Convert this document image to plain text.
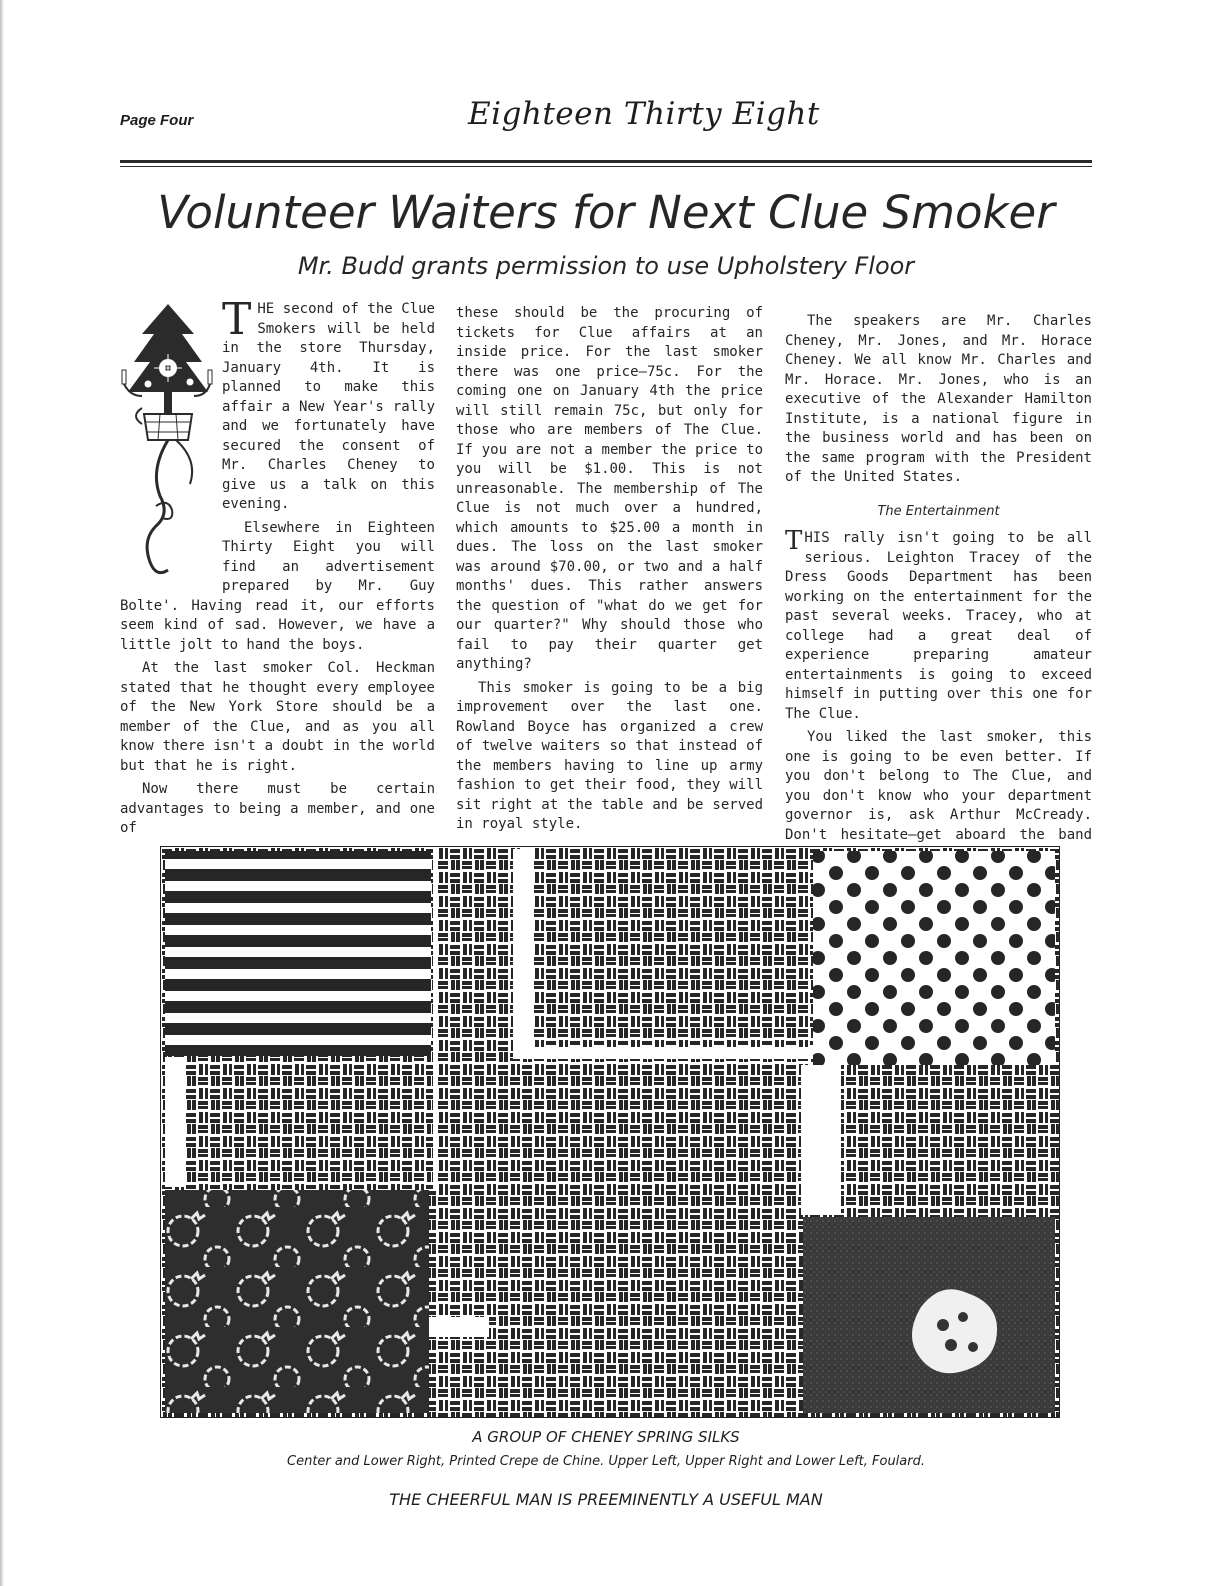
Page Four	Eighteen Thirty Eight
Volunteer Waiters for Next Clue Smoker
Mr. Budd grants permission to use Upholstery Floor

THE second of the Clue Smokers will be held in the store Thursday, January 4th. It is planned to make this affair a New Year's rally and we fortunately have secured the consent of Mr. Charles Cheney to give us a talk on this evening.

Elsewhere in Eighteen Thirty Eight you will find an advertisement prepared by Mr. Guy Bolte'. Having read it, our efforts seem kind of sad. However, we have a little jolt to hand the boys.

At the last smoker Col. Heckman stated that he thought every employee of the New York Store should be a member of the Clue, and as you all know there isn't a doubt in the world but that he is right.

Now there must be certain advantages to being a member, and one of

these should be the procuring of tickets for Clue affairs at an inside price. For the last smoker there was one price—75c. For the coming one on January 4th the price will still remain 75c, but only for those who are members of The Clue. If you are not a member the price to you will be $1.00. This is not unreasonable. The membership of The Clue is not much over a hundred, which amounts to $25.00 a month in dues. The loss on the last smoker was around $70.00, or two and a half months' dues. This rather answers the question of "what do we get for our quarter?" Why should those who fail to pay their quarter get anything?

This smoker is going to be a big improvement over the last one. Rowland Boyce has organized a crew of twelve waiters so that instead of the members having to line up army fashion to get their food, they will sit right at the table and be served in royal style.

The speakers are Mr. Charles Cheney, Mr. Jones, and Mr. Horace Cheney. We all know Mr. Charles and Mr. Horace. Mr. Jones, who is an executive of the Alexander Hamilton Institute, is a national figure in the business world and has been on the same program with the President of the United States.

The Entertainment

THIS rally isn't going to be all serious. Leighton Tracey of the Dress Goods Department has been working on the entertainment for the past several weeks. Tracey, who at college had a great deal of experience preparing amateur entertainments is going to exceed himself in putting over this one for The Clue.

You liked the last smoker, this one is going to be even better. If you don't belong to The Clue, and you don't know who your department governor is, ask Arthur McCready. Don't hesitate—get aboard the band

A GROUP OF CHENEY SPRING SILKS
Center and Lower Right, Printed Crepe de Chine. Upper Left, Upper Right and Lower Left, Foulard.
THE CHEERFUL MAN IS PREEMINENTLY A USEFUL MAN
